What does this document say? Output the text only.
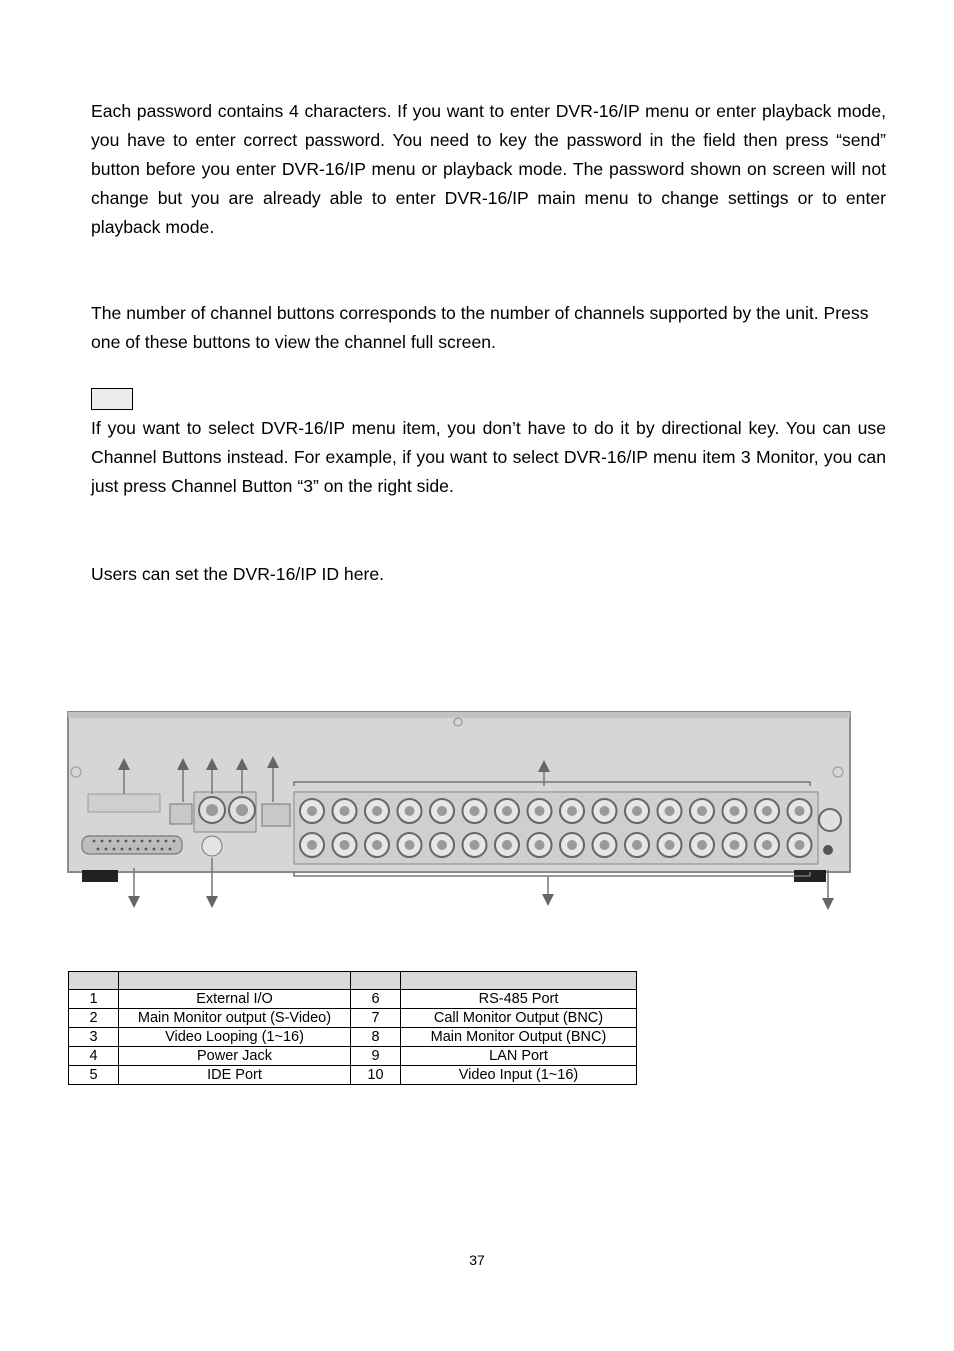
Each password contains 4 characters. If you want to enter DVR-16/IP menu or enter playback mode, you have to enter correct password. You need to key the password in the field then press “send” button before you enter DVR-16/IP menu or playback mode. The password shown on screen will not change but you are already able to enter DVR-16/IP main menu to change settings or to enter playback mode.

The number of channel buttons corresponds to the number of channels supported by the unit. Press one of these buttons to view the channel full screen.

If you want to select DVR-16/IP menu item, you don’t have to do it by directional key. You can use Channel Buttons instead. For example, if you want to select DVR-16/IP menu item 3 Monitor, you can just press Channel Button “3” on the right side.

Users can set the DVR-16/IP ID here.

1	External I/O	6	RS-485 Port
2	Main Monitor output (S-Video)	7	Call Monitor Output (BNC)
3	Video Looping (1~16)	8	Main Monitor Output (BNC)
4	Power Jack	9	LAN Port
5	IDE Port	10	Video Input (1~16)
37
